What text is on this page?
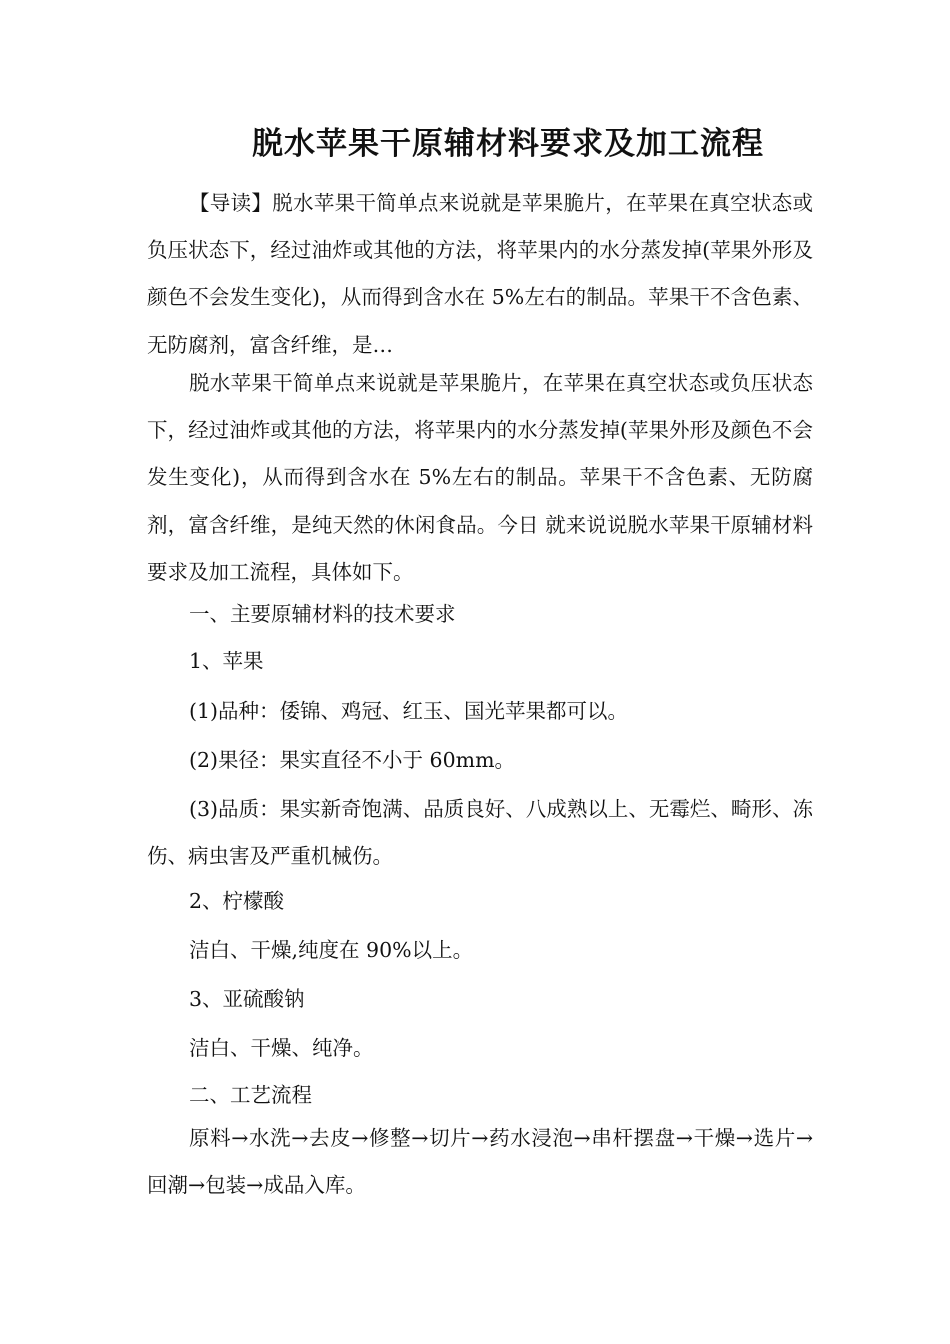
脱水苹果干原辅材料要求及加工流程
【导读】脱水苹果干简单点来说就是苹果脆片，在苹果在真空状态或负压状态下，经过油炸或其他的方法，将苹果内的水分蒸发掉(苹果外形及颜色不会发生变化)，从而得到含水在 5%左右的制品。苹果干不含色素、无防腐剂，富含纤维，是…
脱水苹果干简单点来说就是苹果脆片，在苹果在真空状态或负压状态下，经过油炸或其他的方法，将苹果内的水分蒸发掉(苹果外形及颜色不会发生变化)，从而得到含水在 5%左右的制品。苹果干不含色素、无防腐剂，富含纤维，是纯天然的休闲食品。今日 就来说说脱水苹果干原辅材料要求及加工流程，具体如下。
一、主要原辅材料的技术要求
1、苹果
(1)品种：倭锦、鸡冠、红玉、国光苹果都可以。
(2)果径：果实直径不小于 60mm。
(3)品质：果实新奇饱满、品质良好、八成熟以上、无霉烂、畸形、冻伤、病虫害及严重机械伤。
2、柠檬酸
洁白、干燥,纯度在 90%以上。
3、亚硫酸钠
洁白、干燥、纯净。
二、工艺流程
原料→水洗→去皮→修整→切片→药水浸泡→串杆摆盘→干燥→选片→回潮→包装→成品入库。
